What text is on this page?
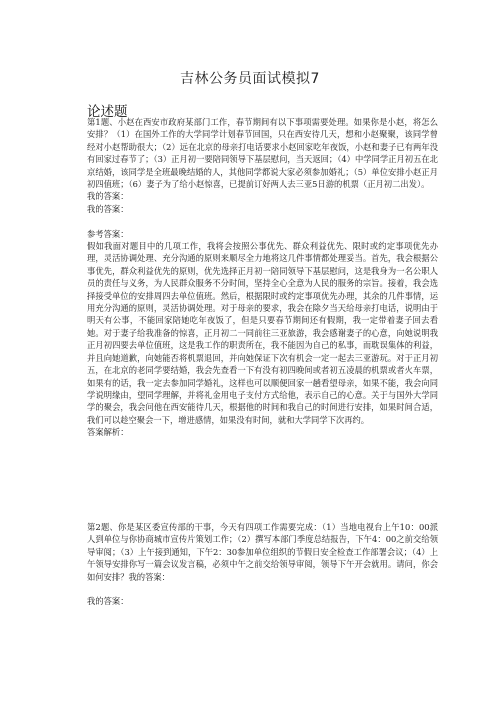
吉林公务员面试模拟7
论述题

第1题、小赵在西安市政府某部门工作，春节期间有以下事项需要处理。如果你是小赵，将怎么安排？（1）在国外工作的大学同学计划春节回国，只在西安待几天，想和小赵聚聚，该同学曾经对小赵帮助很大；（2）远在北京的母亲打电话要求小赵回家吃年夜饭，小赵和妻子已有两年没有回家过春节了；（3）正月初一要陪同领导下基层慰问，当天返回；（4）中学同学正月初五在北京结婚，该同学是全班最晚结婚的人，其他同学都说大家必须参加婚礼；（5）单位安排小赵正月初四值班；（6）妻子为了给小赵惊喜，已提前订好两人去三亚5日游的机票（正月初二出发）。

我的答案：

我的答案：

参考答案：

假如我面对题目中的几项工作，我将会按照公事优先、群众利益优先、限时或约定事项优先办理，灵活协调处理、充分沟通的原则来顺尽全力地将这几件事情都处理妥当。首先，我会根据公事优先，群众利益优先的原则，优先选择正月初一陪同领导下基层慰问，这是我身为一名公职人员的责任与义务，为人民群众服务不分时间，坚持全心全意为人民的服务的宗旨。接着，我会选择接受单位的安排周四去单位值班。然后，根据限时或约定事项优先办理，其余的几件事情，运用充分沟通的原则，灵活协调处理。对于母亲的要求，我会在除夕当天给母亲打电话，说明由于明天有公事，不能回家陪她吃年夜饭了，但是只要春节期间还有假期，我一定带着妻子回去看她。对于妻子给我准备的惊喜，正月初二一同前往三亚旅游，我会感谢妻子的心意，向她说明我正月初四要去单位值班，这是我工作的职责所在，我不能因为自己的私事，而耽误集体的利益，并且向她道歉，向她能否将机票退回，并向她保证下次有机会一定一起去三亚游玩。对于正月初五，在北京的老同学要结婚，我会先查看一下有没有初四晚间或者初五凌晨的机票或者火车票，如果有的话，我一定去参加同学婚礼，这样也可以顺便回家一趟看望母亲，如果不能，我会向同学说明缘由，望同学理解，并将礼金用电子支付方式给他，表示自己的心意。关于与国外大学同学的聚会，我会问他在西安能待几天，根据他的时间和我自己的时间进行安排，如果时间合适，我们可以趁空聚会一下，增进感情，如果没有时间，就和大学同学下次再约。

答案解析：

第2题、你是某区委宣传部的干事，今天有四项工作需要完成：（1）当地电视台上午10：00派人到单位与你协商城市宣传片策划工作；（2）撰写本部门季度总结报告，下午4：00之前交给领导审阅；（3）上午接到通知，下午2：30参加单位组织的节假日安全检查工作部署会议；（4）上午领导安排你写一篇会议发言稿，必须中午之前交给领导审阅，领导下午开会就用。请问，你会如何安排？我的答案：

我的答案：
